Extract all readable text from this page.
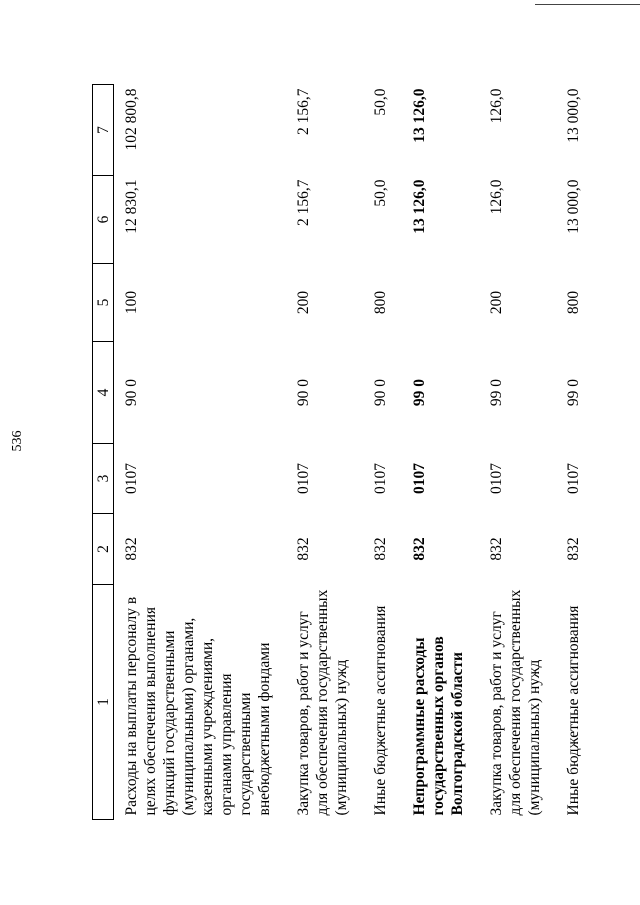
536
1	2	3	4	5	6	7
Расходы на выплаты персоналу в целях обеспечения выполнения функций государственными (муниципальными) органами, казенными учреждениями, органами управления государственными внебюджетными фондами	832	0107	90 0	100	12 830,1	102 800,8
Закупка товаров, работ и услуг для обеспечения государственных (муниципальных) нужд	832	0107	90 0	200	2 156,7	2 156,7
Иные бюджетные ассигнования	832	0107	90 0	800	50,0	50,0
Непрограммные расходы государственных органов Волгоградской области	832	0107	99 0		13 126,0	13 126,0
Закупка товаров, работ и услуг для обеспечения государственных (муниципальных) нужд	832	0107	99 0	200	126,0	126,0
Иные бюджетные ассигнования	832	0107	99 0	800	13 000,0	13 000,0
